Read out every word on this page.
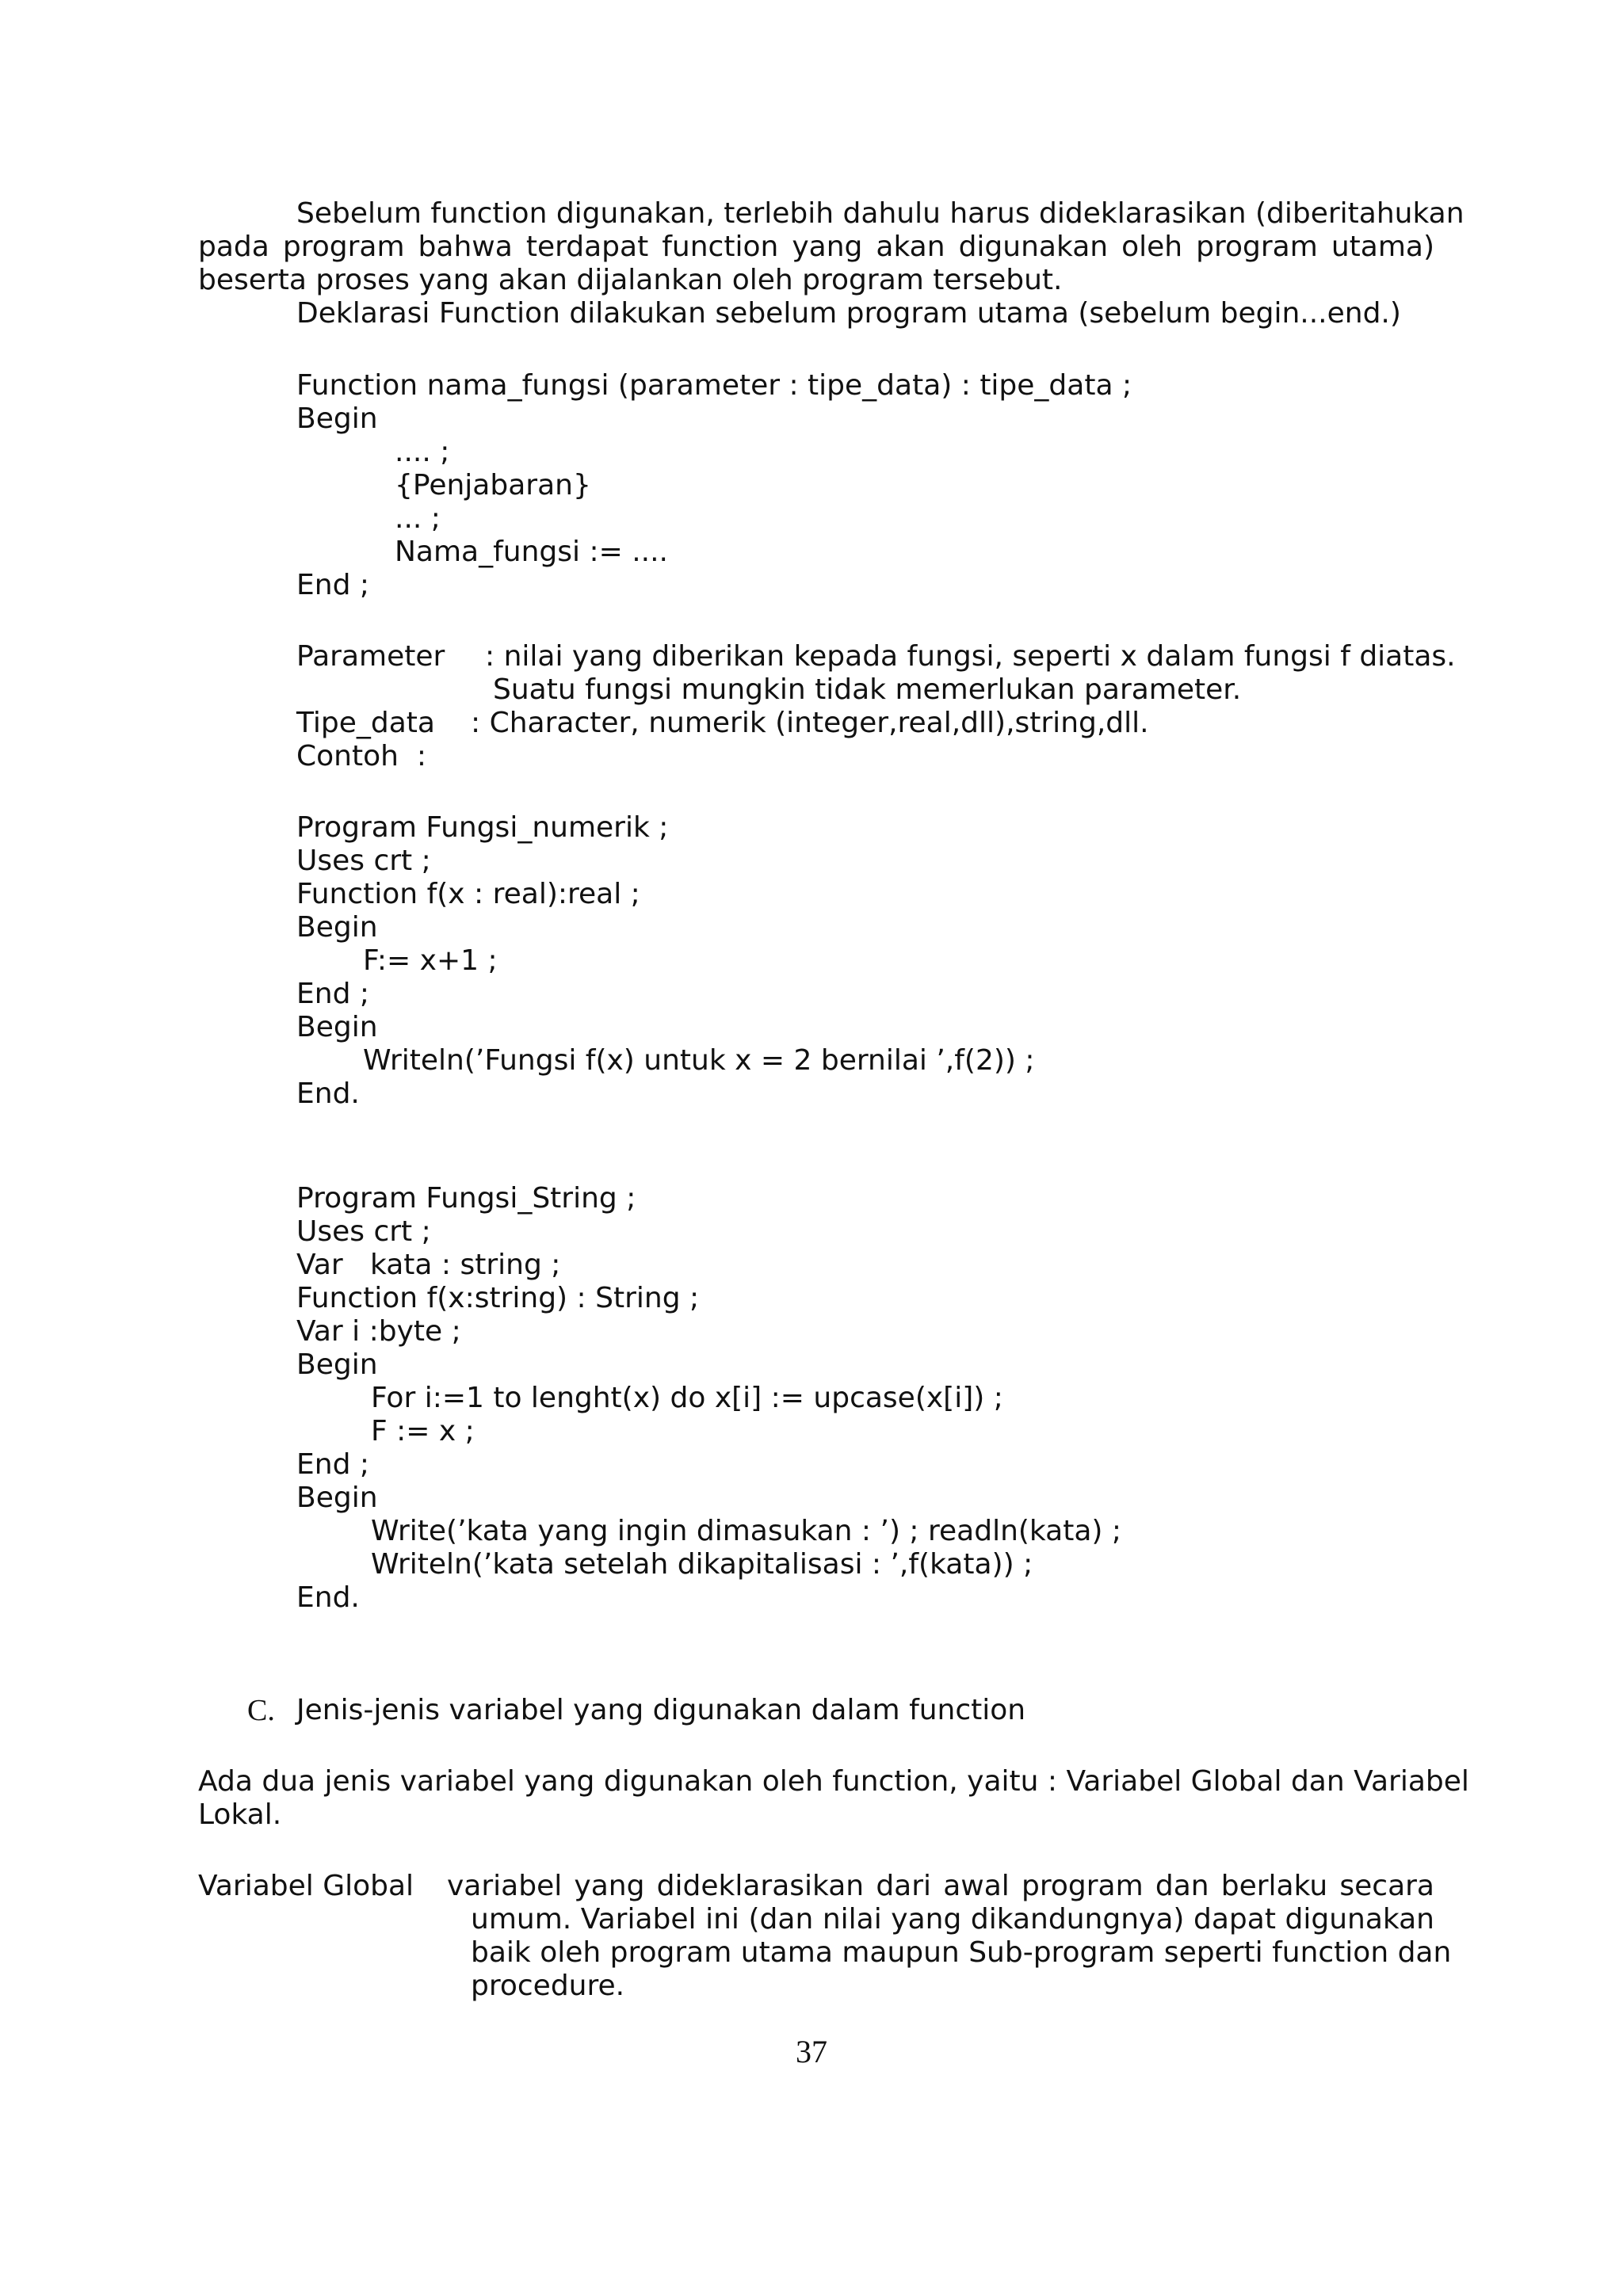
Sebelum function digunakan, terlebih dahulu harus dideklarasikan (diberitahukan
pada program bahwa terdapat function yang akan digunakan oleh program utama)
beserta proses yang akan dijalankan oleh program tersebut.
Deklarasi Function dilakukan sebelum program utama (sebelum begin...end.)
Function nama_fungsi (parameter : tipe_data) : tipe_data ;
Begin
.... ;
{Penjabaran}
... ;
Nama_fungsi := ....
End ;
Parameter : nilai yang diberikan kepada fungsi, seperti x dalam fungsi f diatas.
Suatu fungsi mungkin tidak memerlukan parameter.
Tipe_data : Character, numerik (integer,real,dll),string,dll.
Contoh  :
Program Fungsi_numerik ;
Uses crt ;
Function f(x : real):real ;
Begin
F:= x+1 ;
End ;
Begin
Writeln(’Fungsi f(x) untuk x = 2 bernilai ’,f(2)) ;
End.
Program Fungsi_String ;
Uses crt ;
Var   kata : string ;
Function f(x:string) : String ;
Var i :byte ;
Begin
For i:=1 to lenght(x) do x[i] := upcase(x[i]) ;
F := x ;
End ;
Begin
Write(’kata yang ingin dimasukan : ’) ; readln(kata) ;
Writeln(’kata setelah dikapitalisasi : ’,f(kata)) ;
End.
C. Jenis-jenis variabel yang digunakan dalam function
Ada dua jenis variabel yang digunakan oleh function, yaitu : Variabel Global dan Variabel
Lokal.
Variabel Global variabel yang dideklarasikan dari awal program dan berlaku secara
umum. Variabel ini (dan nilai yang dikandungnya) dapat digunakan
baik oleh program utama maupun Sub-program seperti function dan
procedure.
37
